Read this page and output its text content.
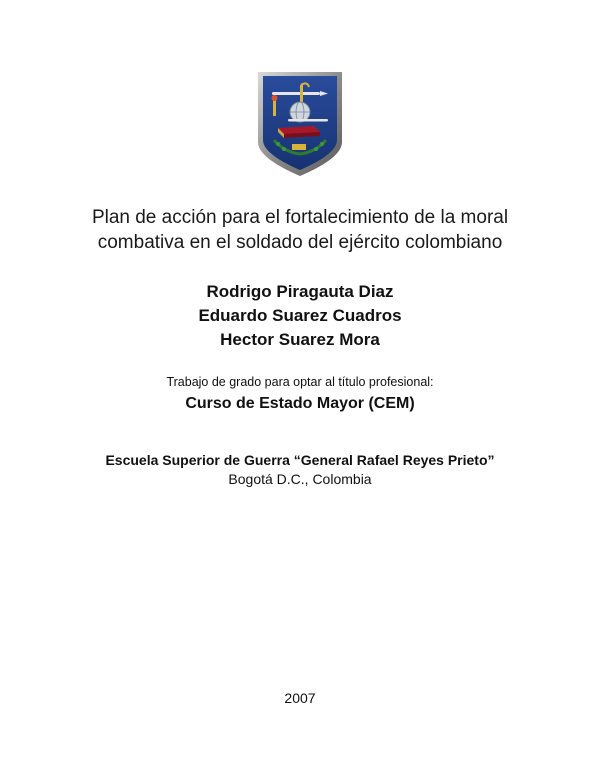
Plan de acción para el fortalecimiento de la moral
combativa en el soldado del ejército colombiano
Rodrigo Piragauta Diaz
Eduardo Suarez Cuadros
Hector Suarez Mora
Trabajo de grado para optar al título profesional:
Curso de Estado Mayor (CEM)
Escuela Superior de Guerra “General Rafael Reyes Prieto”
Bogotá D.C., Colombia
2007
